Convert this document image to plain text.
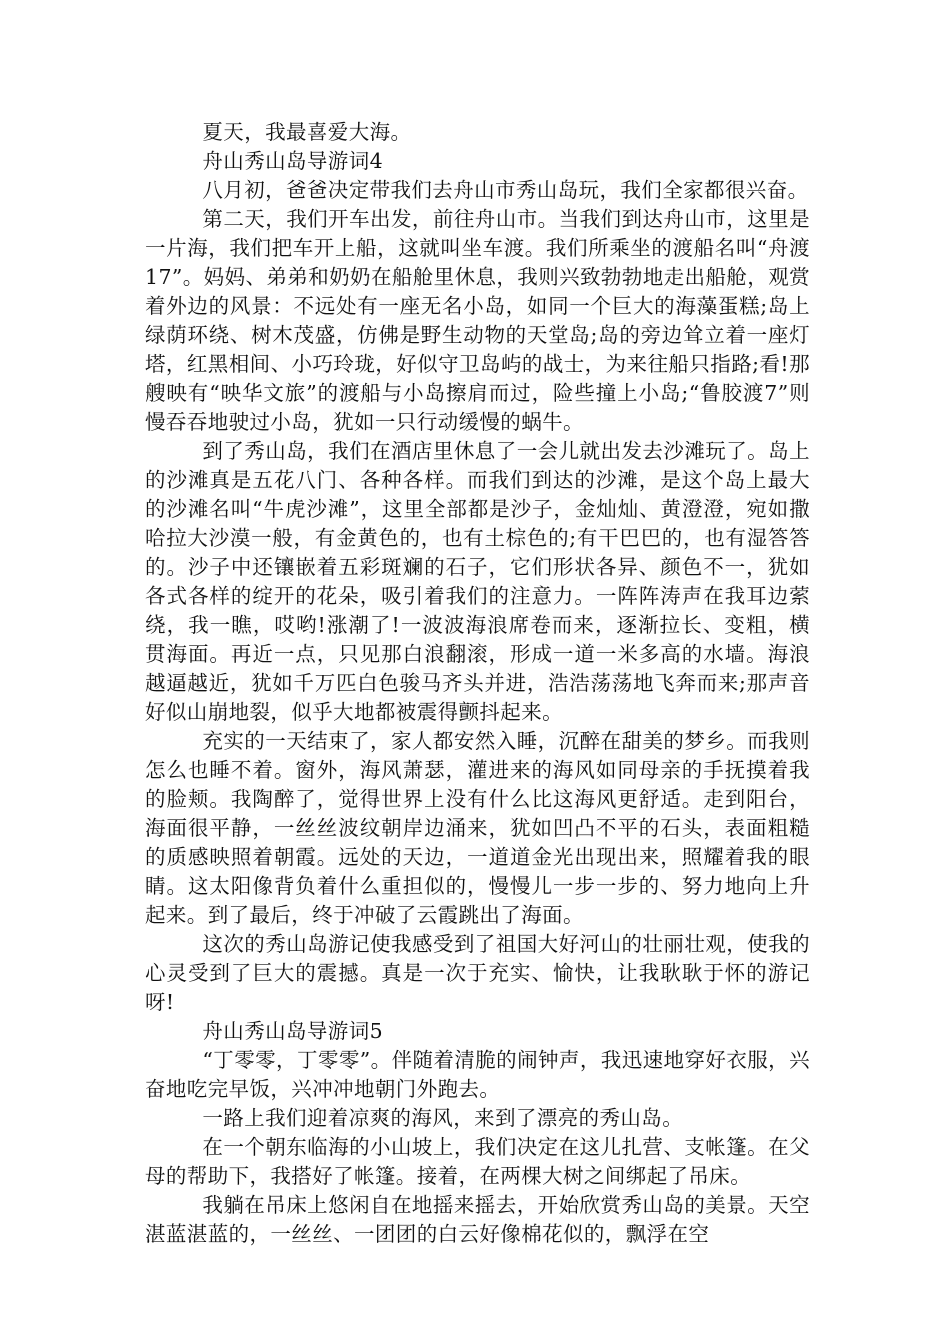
夏天，我最喜爱大海。

舟山秀山岛导游词4

八月初，爸爸决定带我们去舟山市秀山岛玩，我们全家都很兴奋。

第二天，我们开车出发，前往舟山市。当我们到达舟山市，这里是一片海，我们把车开上船，这就叫坐车渡。我们所乘坐的渡船名叫“舟渡17”。妈妈、弟弟和奶奶在船舱里休息，我则兴致勃勃地走出船舱，观赏着外边的风景：不远处有一座无名小岛，如同一个巨大的海藻蛋糕;岛上绿荫环绕、树木茂盛，仿佛是野生动物的天堂岛;岛的旁边耸立着一座灯塔，红黑相间、小巧玲珑，好似守卫岛屿的战士，为来往船只指路;看!那艘映有“映华文旅”的渡船与小岛擦肩而过，险些撞上小岛;“鲁胶渡7”则慢吞吞地驶过小岛，犹如一只行动缓慢的蜗牛。

到了秀山岛，我们在酒店里休息了一会儿就出发去沙滩玩了。岛上的沙滩真是五花八门、各种各样。而我们到达的沙滩，是这个岛上最大的沙滩名叫“牛虎沙滩”，这里全部都是沙子，金灿灿、黄澄澄，宛如撒哈拉大沙漠一般，有金黄色的，也有土棕色的;有干巴巴的，也有湿答答的。沙子中还镶嵌着五彩斑斓的石子，它们形状各异、颜色不一，犹如各式各样的绽开的花朵，吸引着我们的注意力。一阵阵涛声在我耳边萦绕，我一瞧，哎哟!涨潮了!一波波海浪席卷而来，逐渐拉长、变粗，横贯海面。再近一点，只见那白浪翻滚，形成一道一米多高的水墙。海浪越逼越近，犹如千万匹白色骏马齐头并进，浩浩荡荡地飞奔而来;那声音好似山崩地裂，似乎大地都被震得颤抖起来。

充实的一天结束了，家人都安然入睡，沉醉在甜美的梦乡。而我则怎么也睡不着。窗外，海风萧瑟，灌进来的海风如同母亲的手抚摸着我的脸颊。我陶醉了，觉得世界上没有什么比这海风更舒适。走到阳台，海面很平静，一丝丝波纹朝岸边涌来，犹如凹凸不平的石头，表面粗糙的质感映照着朝霞。远处的天边，一道道金光出现出来，照耀着我的眼睛。这太阳像背负着什么重担似的，慢慢儿一步一步的、努力地向上升起来。到了最后，终于冲破了云霞跳出了海面。

这次的秀山岛游记使我感受到了祖国大好河山的壮丽壮观，使我的心灵受到了巨大的震撼。真是一次于充实、愉快，让我耿耿于怀的游记呀!

舟山秀山岛导游词5

“丁零零，丁零零”。伴随着清脆的闹钟声，我迅速地穿好衣服，兴奋地吃完早饭，兴冲冲地朝门外跑去。

一路上我们迎着凉爽的海风，来到了漂亮的秀山岛。

在一个朝东临海的小山坡上，我们决定在这儿扎营、支帐篷。在父母的帮助下，我搭好了帐篷。接着，在两棵大树之间绑起了吊床。

我躺在吊床上悠闲自在地摇来摇去，开始欣赏秀山岛的美景。天空湛蓝湛蓝的，一丝丝、一团团的白云好像棉花似的，飘浮在空
